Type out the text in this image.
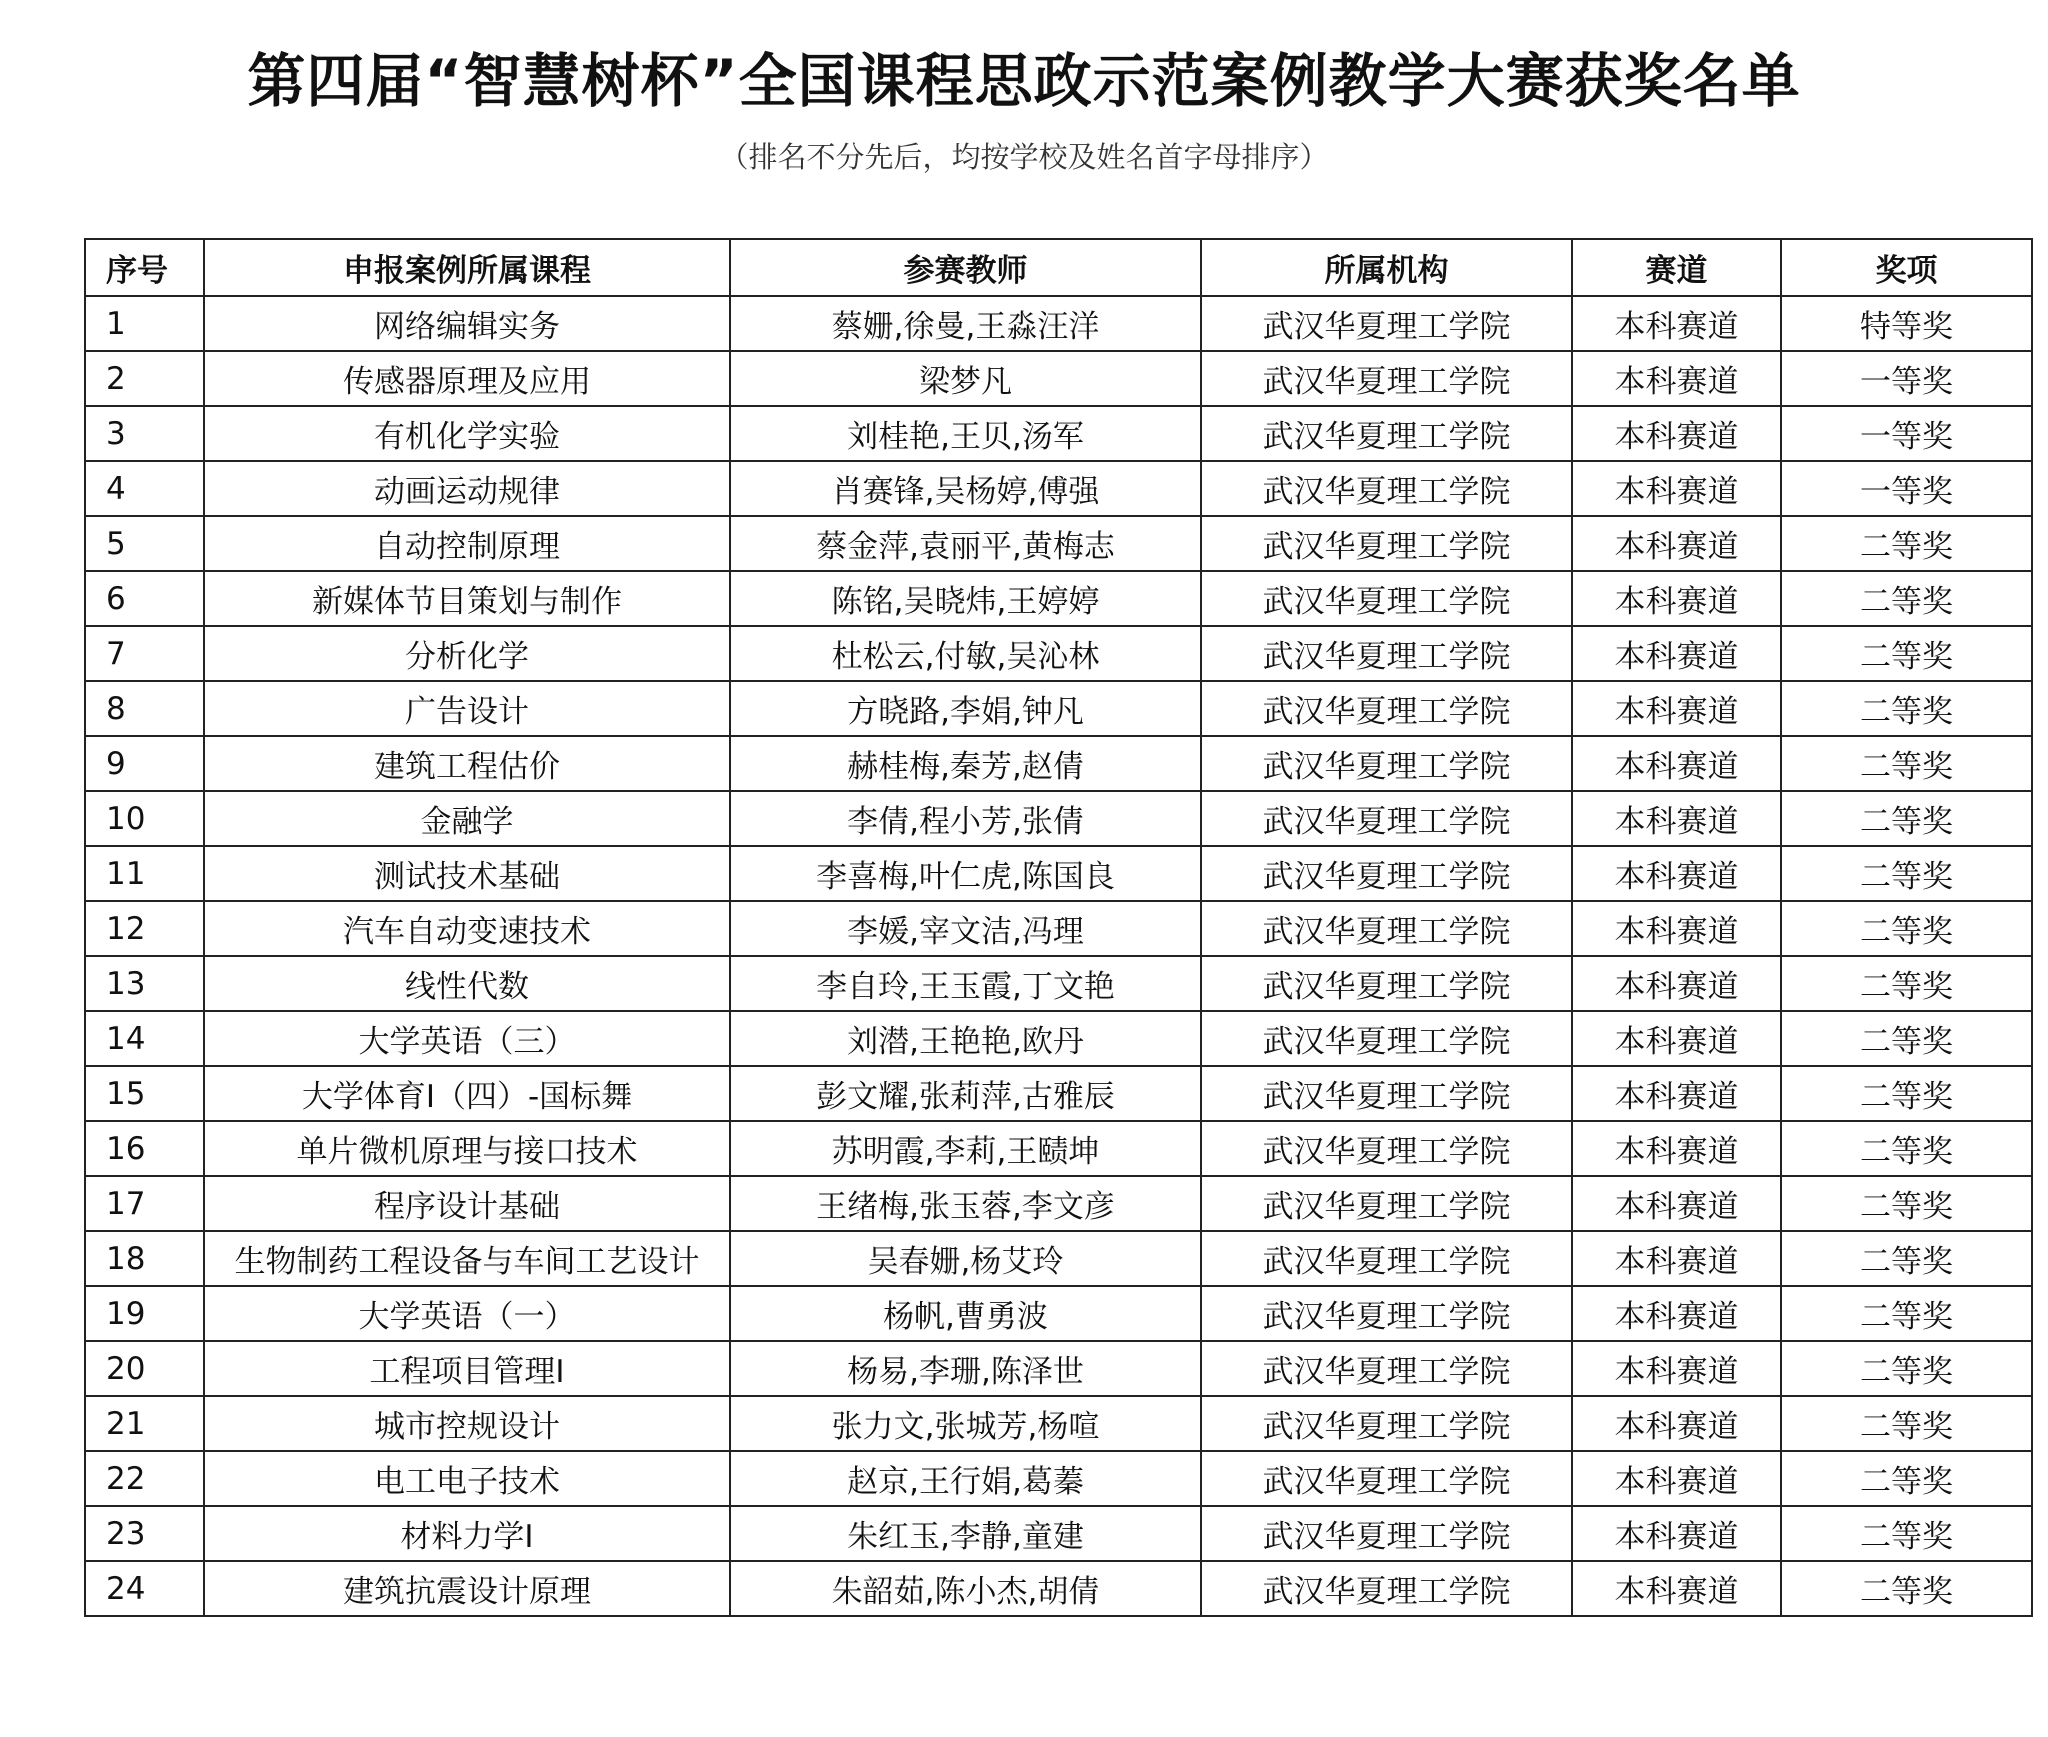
第四届“智慧树杯”全国课程思政示范案例教学大赛获奖名单
（排名不分先后，均按学校及姓名首字母排序）
序号	申报案例所属课程	参赛教师	所属机构	赛道	奖项
1	网络编辑实务	蔡姗,徐曼,王淼汪洋	武汉华夏理工学院	本科赛道	特等奖
2	传感器原理及应用	梁梦凡	武汉华夏理工学院	本科赛道	一等奖
3	有机化学实验	刘桂艳,王贝,汤军	武汉华夏理工学院	本科赛道	一等奖
4	动画运动规律	肖赛锋,吴杨婷,傅强	武汉华夏理工学院	本科赛道	一等奖
5	自动控制原理	蔡金萍,袁丽平,黄梅志	武汉华夏理工学院	本科赛道	二等奖
6	新媒体节目策划与制作	陈铭,吴晓炜,王婷婷	武汉华夏理工学院	本科赛道	二等奖
7	分析化学	杜松云,付敏,吴沁林	武汉华夏理工学院	本科赛道	二等奖
8	广告设计	方晓路,李娟,钟凡	武汉华夏理工学院	本科赛道	二等奖
9	建筑工程估价	赫桂梅,秦芳,赵倩	武汉华夏理工学院	本科赛道	二等奖
10	金融学	李倩,程小芳,张倩	武汉华夏理工学院	本科赛道	二等奖
11	测试技术基础	李喜梅,叶仁虎,陈国良	武汉华夏理工学院	本科赛道	二等奖
12	汽车自动变速技术	李媛,宰文洁,冯理	武汉华夏理工学院	本科赛道	二等奖
13	线性代数	李自玲,王玉霞,丁文艳	武汉华夏理工学院	本科赛道	二等奖
14	大学英语（三）	刘潜,王艳艳,欧丹	武汉华夏理工学院	本科赛道	二等奖
15	大学体育Ⅰ（四）-国标舞	彭文耀,张莉萍,古雅辰	武汉华夏理工学院	本科赛道	二等奖
16	单片微机原理与接口技术	苏明霞,李莉,王赜坤	武汉华夏理工学院	本科赛道	二等奖
17	程序设计基础	王绪梅,张玉蓉,李文彦	武汉华夏理工学院	本科赛道	二等奖
18	生物制药工程设备与车间工艺设计	吴春姗,杨艾玲	武汉华夏理工学院	本科赛道	二等奖
19	大学英语（一）	杨帆,曹勇波	武汉华夏理工学院	本科赛道	二等奖
20	工程项目管理Ⅰ	杨易,李珊,陈泽世	武汉华夏理工学院	本科赛道	二等奖
21	城市控规设计	张力文,张城芳,杨喧	武汉华夏理工学院	本科赛道	二等奖
22	电工电子技术	赵京,王行娟,葛蓁	武汉华夏理工学院	本科赛道	二等奖
23	材料力学Ⅰ	朱红玉,李静,童建	武汉华夏理工学院	本科赛道	二等奖
24	建筑抗震设计原理	朱韶茹,陈小杰,胡倩	武汉华夏理工学院	本科赛道	二等奖
